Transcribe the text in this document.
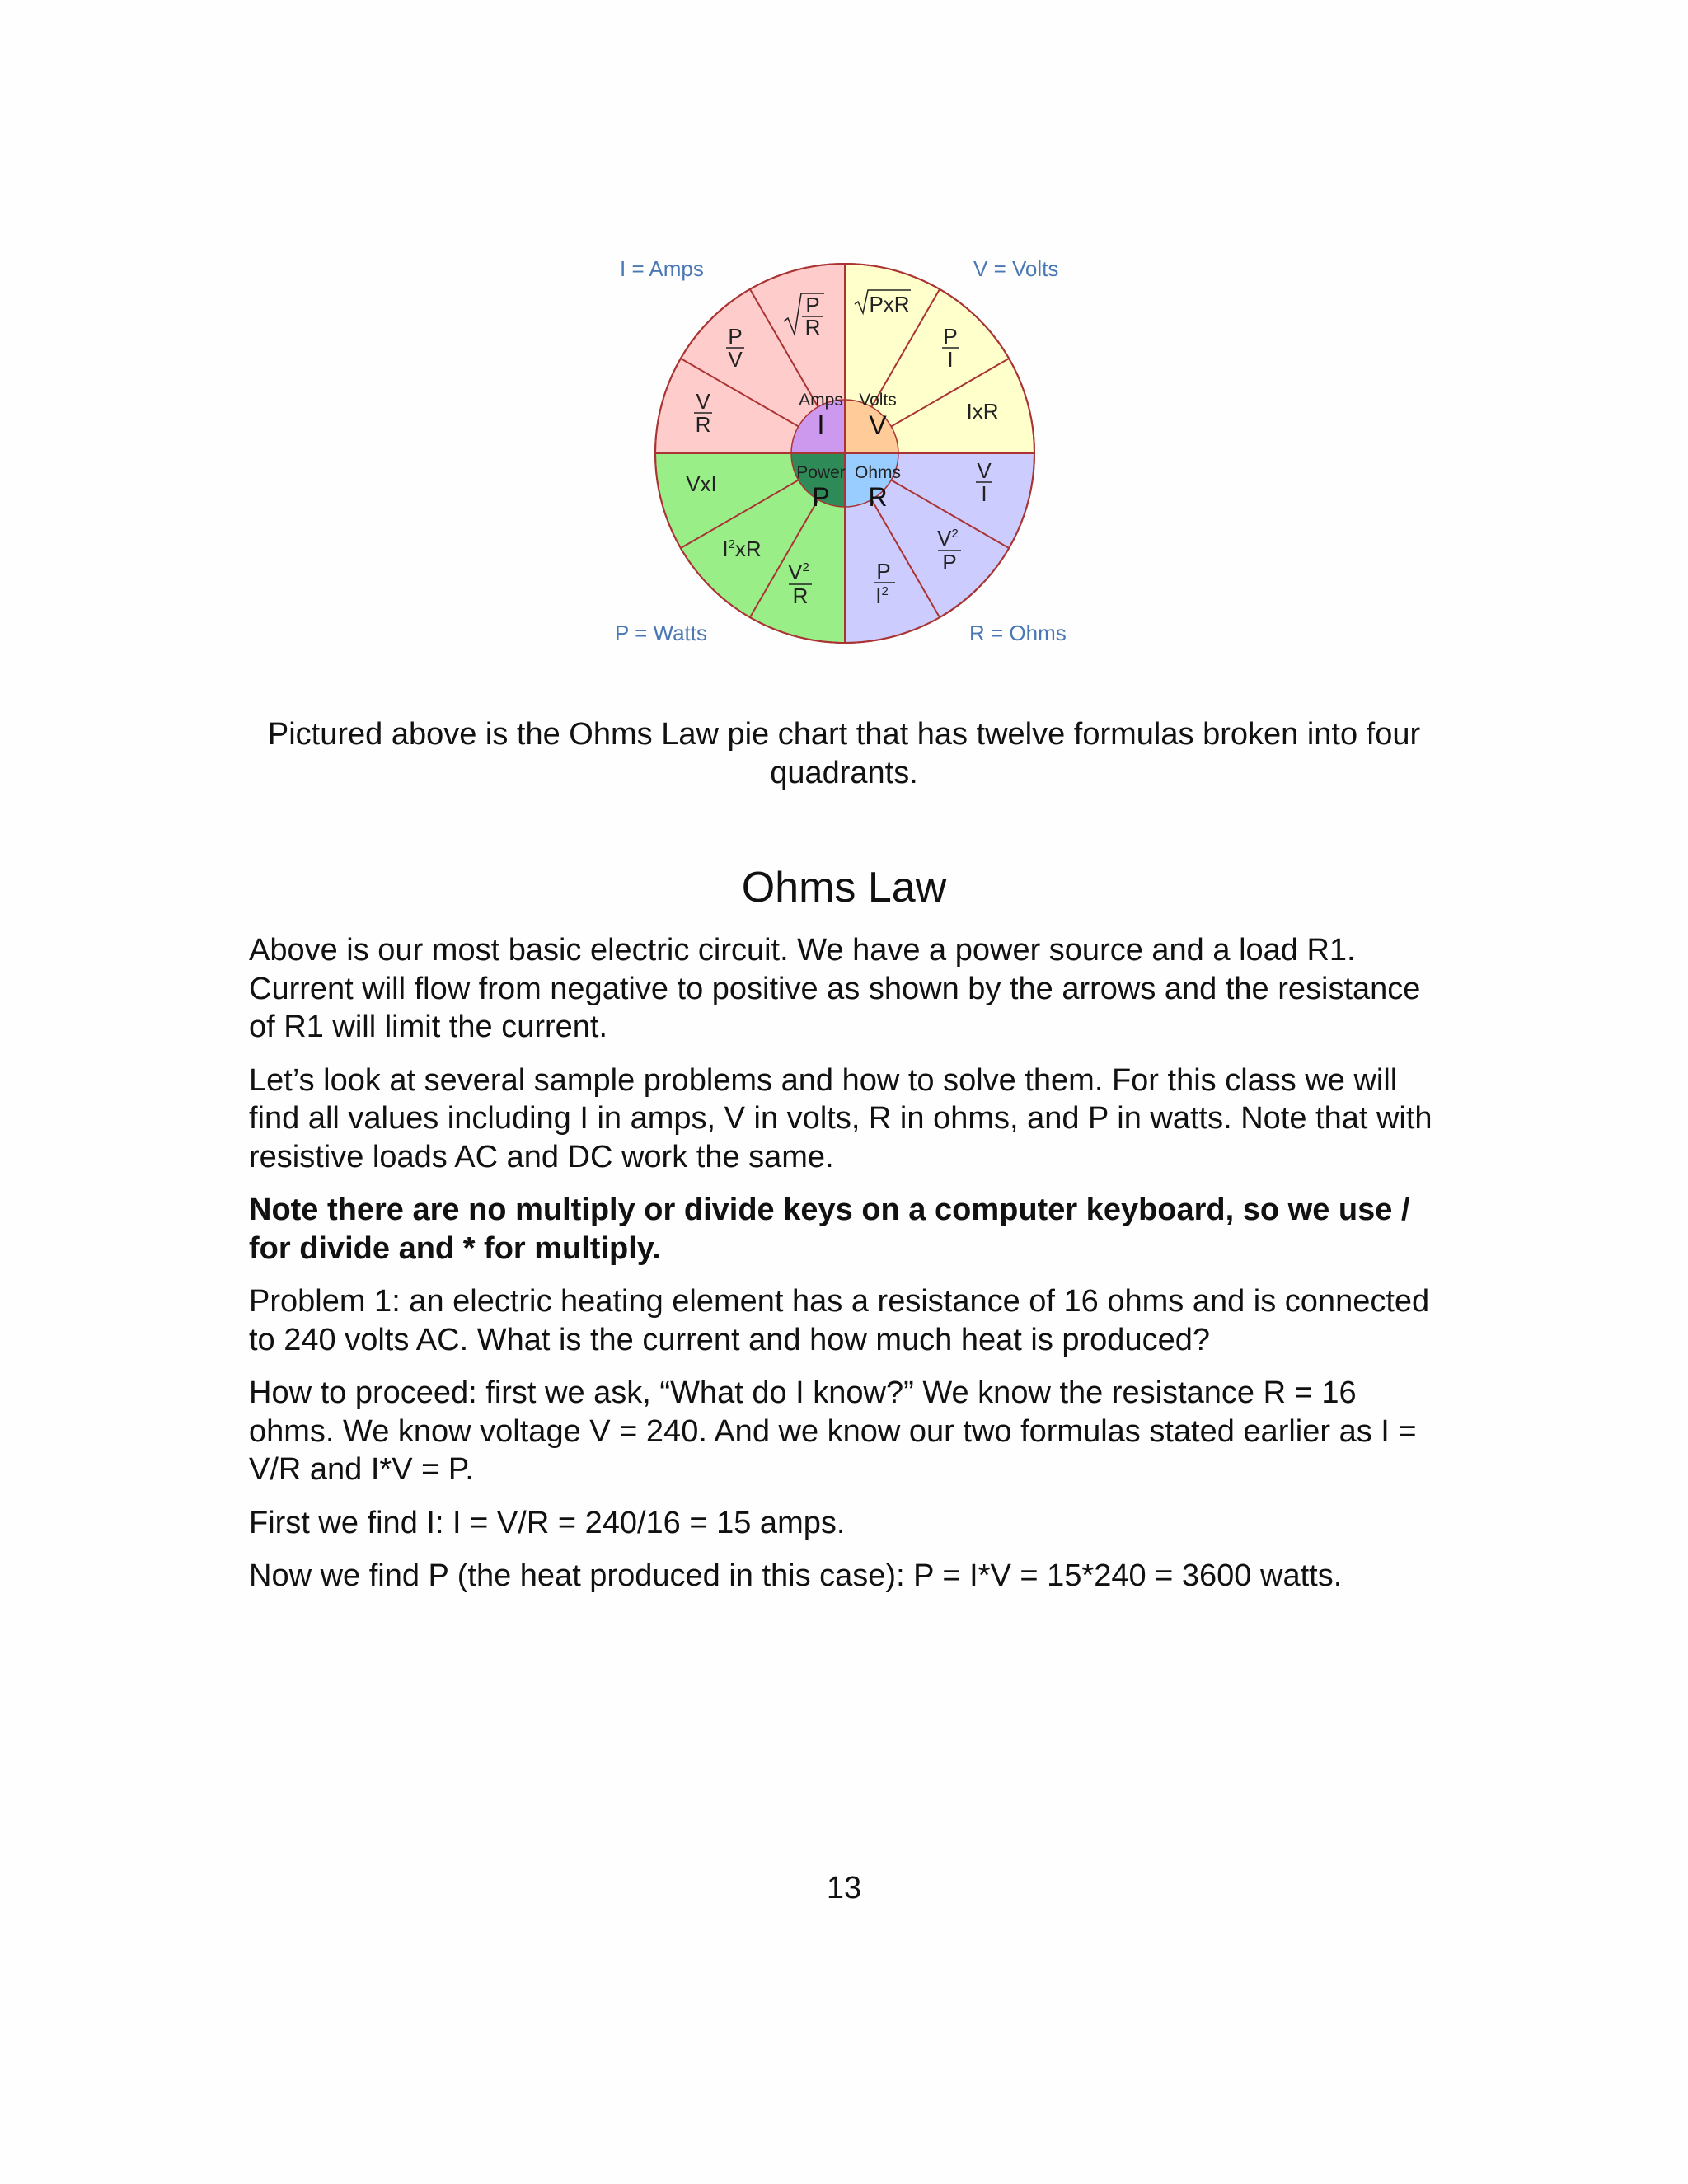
Amps
I
Volts
V
Power
P
Ohms
R
P
R
P
V
V
R
PxR
P
I
IxR
V
I
$V^2$
P
P
$I^2$
VxI
$I^2xR$
$V^2$
R
I = Amps	V = Volts
P = Watts	R = Ohms

Pictured above is the Ohms Law pie chart that has twelve formulas broken into four quadrants.

Ohms Law

Above is our most basic electric circuit. We have a power source and a load R1. Current will flow from negative to positive as shown by the arrows and the resistance of R1 will limit the current.

Let’s look at several sample problems and how to solve them. For this class we will find all values including I in amps, V in volts, R in ohms, and P in watts. Note that with resistive loads AC and DC work the same.

Note there are no multiply or divide keys on a computer keyboard, so we use / for divide and * for multiply.

Problem 1: an electric heating element has a resistance of 16 ohms and is connected to 240 volts AC. What is the current and how much heat is produced?

How to proceed: first we ask, “What do I know?” We know the resistance R = 16 ohms. We know voltage V = 240. And we know our two formulas stated earlier as I = V/R and I*V = P.

First we find I: I = V/R = 240/16 = 15 amps.

Now we find P (the heat produced in this case): P = I*V = 15*240 = 3600 watts.

13
